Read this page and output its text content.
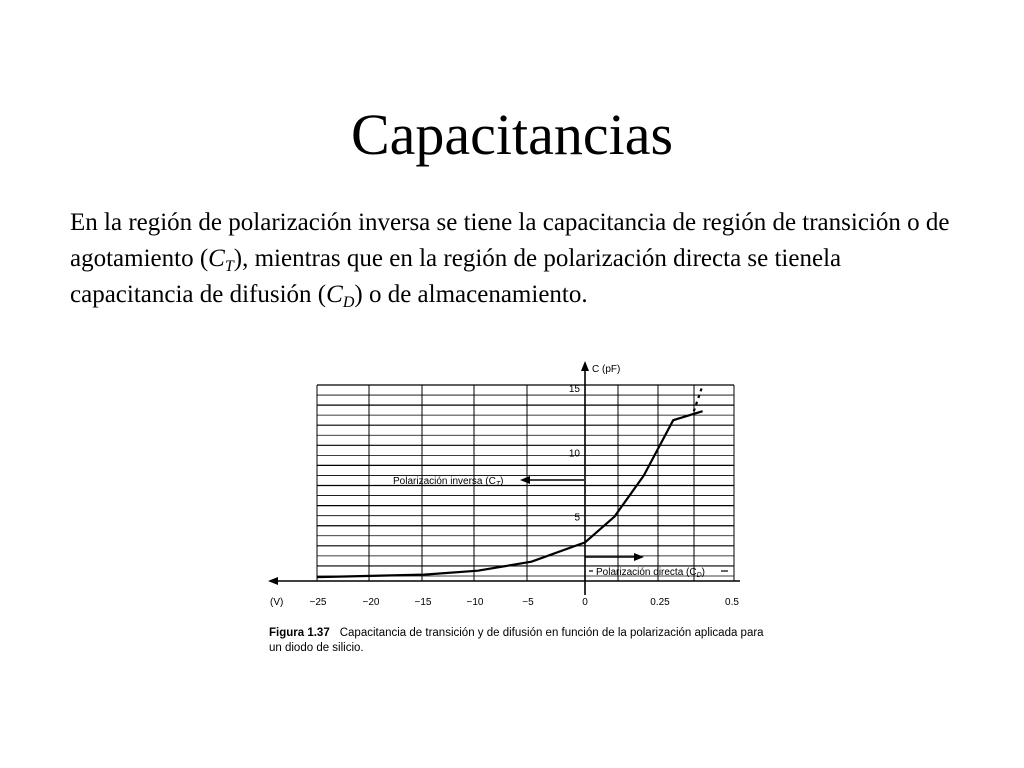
Capacitancias

En la región de polarización inversa se tiene la capacitancia de región de transición o de agotamiento $(C_T)$, mientras que en la región de polarización directa se tienela capacitancia de difusión $(C_D)$ o de almacenamiento.

C (pF)
5
10
15
(V)	−25	−20	−15	−10	−5	0	0.25	0.5
Polarización inversa $(C_T)$
Polarización directa $(C_D)$
Figura 1.37 Capacitancia de transición y de difusión en función de la polarización aplicada para un diodo de silicio.
